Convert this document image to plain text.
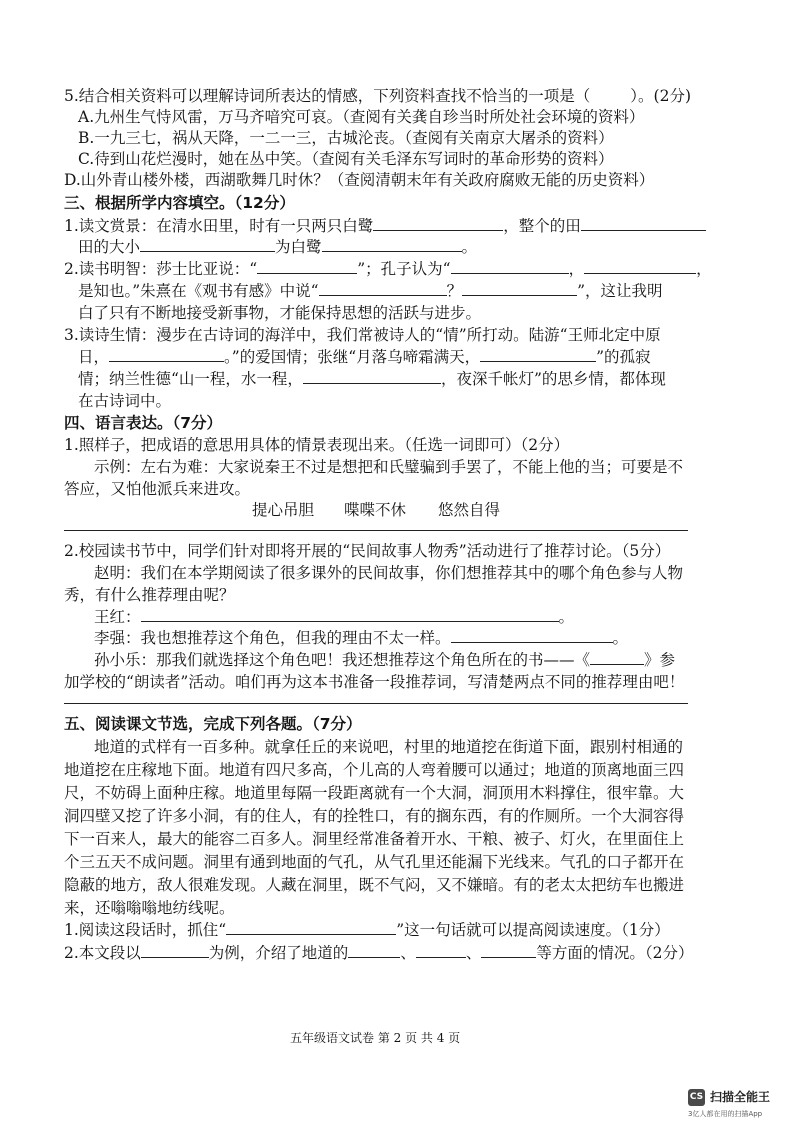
5.结合相关资料可以理解诗词所表达的情感，下列资料查找不恰当的一项是（	）。(2分)
A.九州生气恃风雷，万马齐喑究可哀。（查阅有关龚自珍当时所处社会环境的资料）
B.一九三七，祸从天降，一二一三，古城沦丧。（查阅有关南京大屠杀的资料）
C.待到山花烂漫时，她在丛中笑。（查阅有关毛泽东写词时的革命形势的资料）
D.山外青山楼外楼，西湖歌舞几时休？（查阅清朝末年有关政府腐败无能的历史资料）
三、根据所学内容填空。（12分）
1.读文赏景：在清水田里，时有一只两只白鹭	，整个的田
田的大小	为白鹭	。
2.读书明智：莎士比亚说：“	”；孔子认为“	，	，
是知也。”朱熹在《观书有感》中说“	？	”，这让我明
白了只有不断地接受新事物，才能保持思想的活跃与进步。
3.读诗生情：漫步在古诗词的海洋中，我们常被诗人的“情”所打动。陆游“王师北定中原
日，	。”的爱国情；张继“月落乌啼霜满天，	”的孤寂
情；纳兰性德“山一程，水一程，	，夜深千帐灯”的思乡情，都体现
在古诗词中。
四、语言表达。（7分）
1.照样子，把成语的意思用具体的情景表现出来。（任选一词即可）（2分）
示例：左右为难：大家说秦王不过是想把和氏璧骗到手罢了，不能上他的当；可要是不
答应，又怕他派兵来进攻。
提心吊胆 喋喋不休 悠然自得
2.校园读书节中，同学们针对即将开展的“民间故事人物秀”活动进行了推荐讨论。（5分）
赵明：我们在本学期阅读了很多课外的民间故事，你们想推荐其中的哪个角色参与人物
秀，有什么推荐理由呢？
王红：	。
李强：我也想推荐这个角色，但我的理由不太一样。	。
孙小乐：那我们就选择这个角色吧！我还想推荐这个角色所在的书——《	》参
加学校的“朗读者”活动。咱们再为这本书准备一段推荐词，写清楚两点不同的推荐理由吧！
五、阅读课文节选，完成下列各题。（7分）
地道的式样有一百多种。就拿任丘的来说吧，村里的地道挖在街道下面，跟别村相通的
地道挖在庄稼地下面。地道有四尺多高，个儿高的人弯着腰可以通过；地道的顶离地面三四
尺，不妨碍上面种庄稼。地道里每隔一段距离就有一个大洞，洞顶用木料撑住，很牢靠。大
洞四壁又挖了许多小洞，有的住人，有的拴牲口，有的搁东西，有的作厕所。一个大洞容得
下一百来人，最大的能容二百多人。洞里经常准备着开水、干粮、被子、灯火，在里面住上
个三五天不成问题。洞里有通到地面的气孔，从气孔里还能漏下光线来。气孔的口子都开在
隐蔽的地方，敌人很难发现。人藏在洞里，既不气闷，又不嫌暗。有的老太太把纺车也搬进
来，还嗡嗡嗡地纺线呢。
1.阅读这段话时，抓住“	”这一句话就可以提高阅读速度。（1分）
2.本文段以	为例，介绍了地道的	、	、	等方面的情况。（2分）
五年级语文试卷 第 2 页 共 4 页
CS 扫描全能王
3亿人都在用的扫描App
